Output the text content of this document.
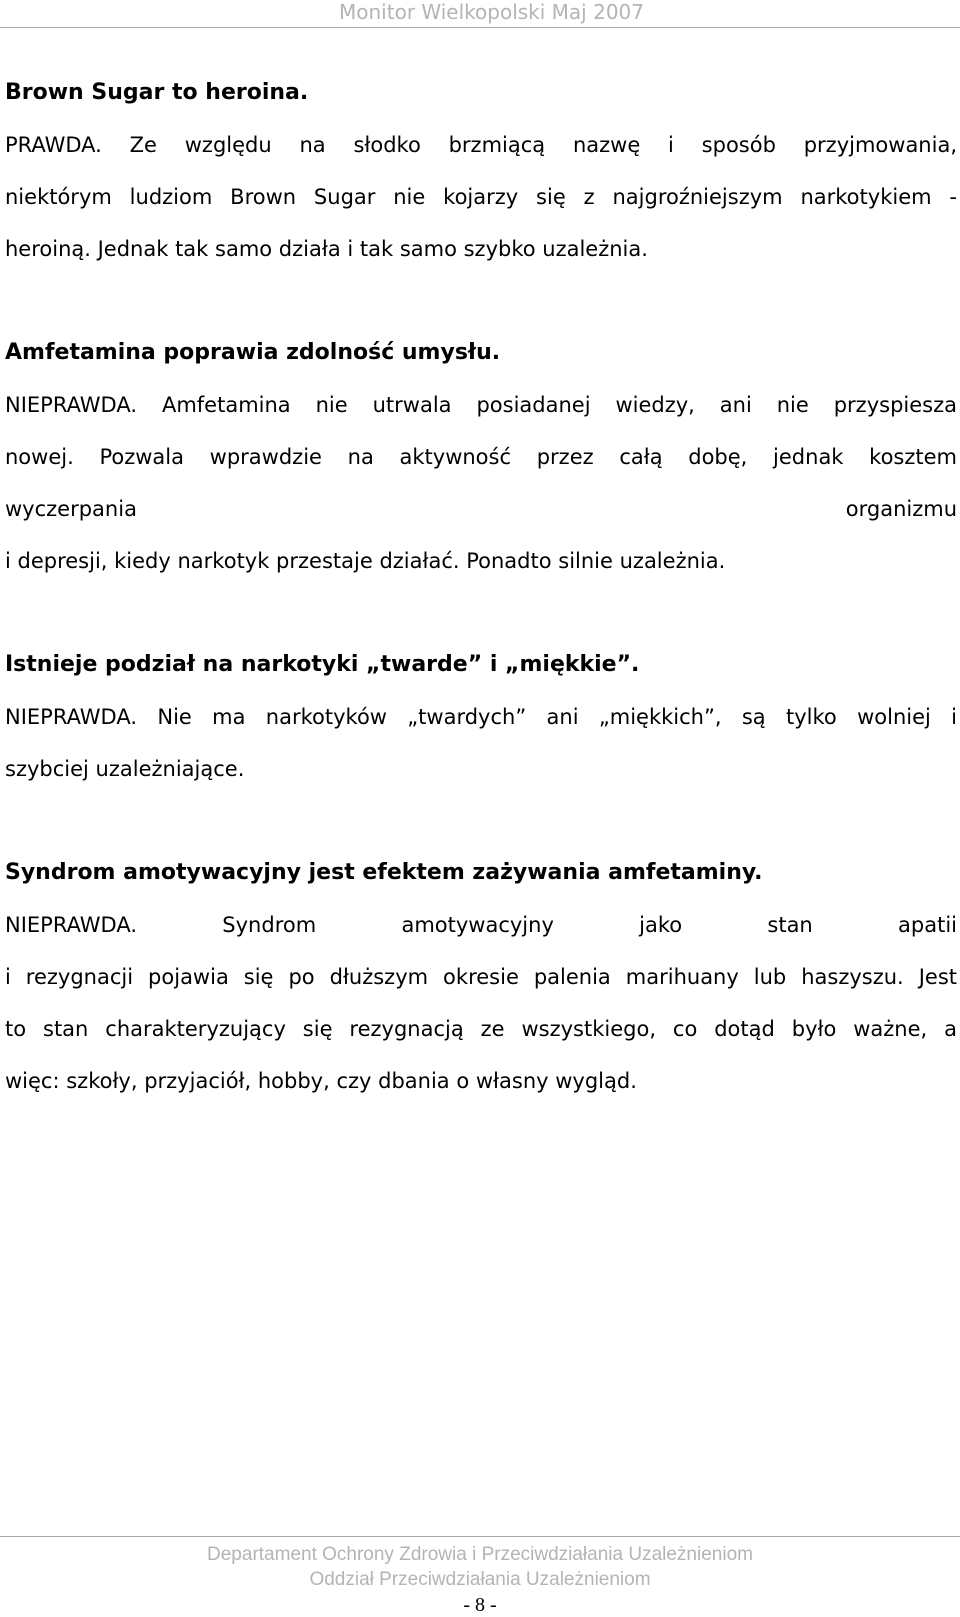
Monitor Wielkopolski Maj 2007

Brown Sugar to heroina.

PRAWDA. Ze względu na słodko brzmiącą nazwę i sposób przyjmowania,
niektórym ludziom Brown Sugar nie kojarzy się z najgroźniejszym narkotykiem -
heroiną. Jednak tak samo działa i tak samo szybko uzależnia.

Amfetamina poprawia zdolność umysłu.

NIEPRAWDA. Amfetamina nie utrwala posiadanej wiedzy, ani nie przyspiesza
nowej. Pozwala wprawdzie na aktywność przez całą dobę, jednak kosztem
wyczerpania organizmu
i depresji, kiedy narkotyk przestaje działać. Ponadto silnie uzależnia.

Istnieje podział na narkotyki „twarde” i „miękkie”.

NIEPRAWDA. Nie ma narkotyków „twardych” ani „miękkich”, są tylko wolniej i
szybciej uzależniające.

Syndrom amotywacyjny jest efektem zażywania amfetaminy.

NIEPRAWDA. Syndrom amotywacyjny jako stan apatii
i rezygnacji pojawia się po dłuższym okresie palenia marihuany lub haszyszu. Jest
to stan charakteryzujący się rezygnacją ze wszystkiego, co dotąd było ważne, a
więc: szkoły, przyjaciół, hobby, czy dbania o własny wygląd.

Departament Ochrony Zdrowia i Przeciwdziałania Uzależnieniom
Oddział Przeciwdziałania Uzależnieniom
- 8 -
